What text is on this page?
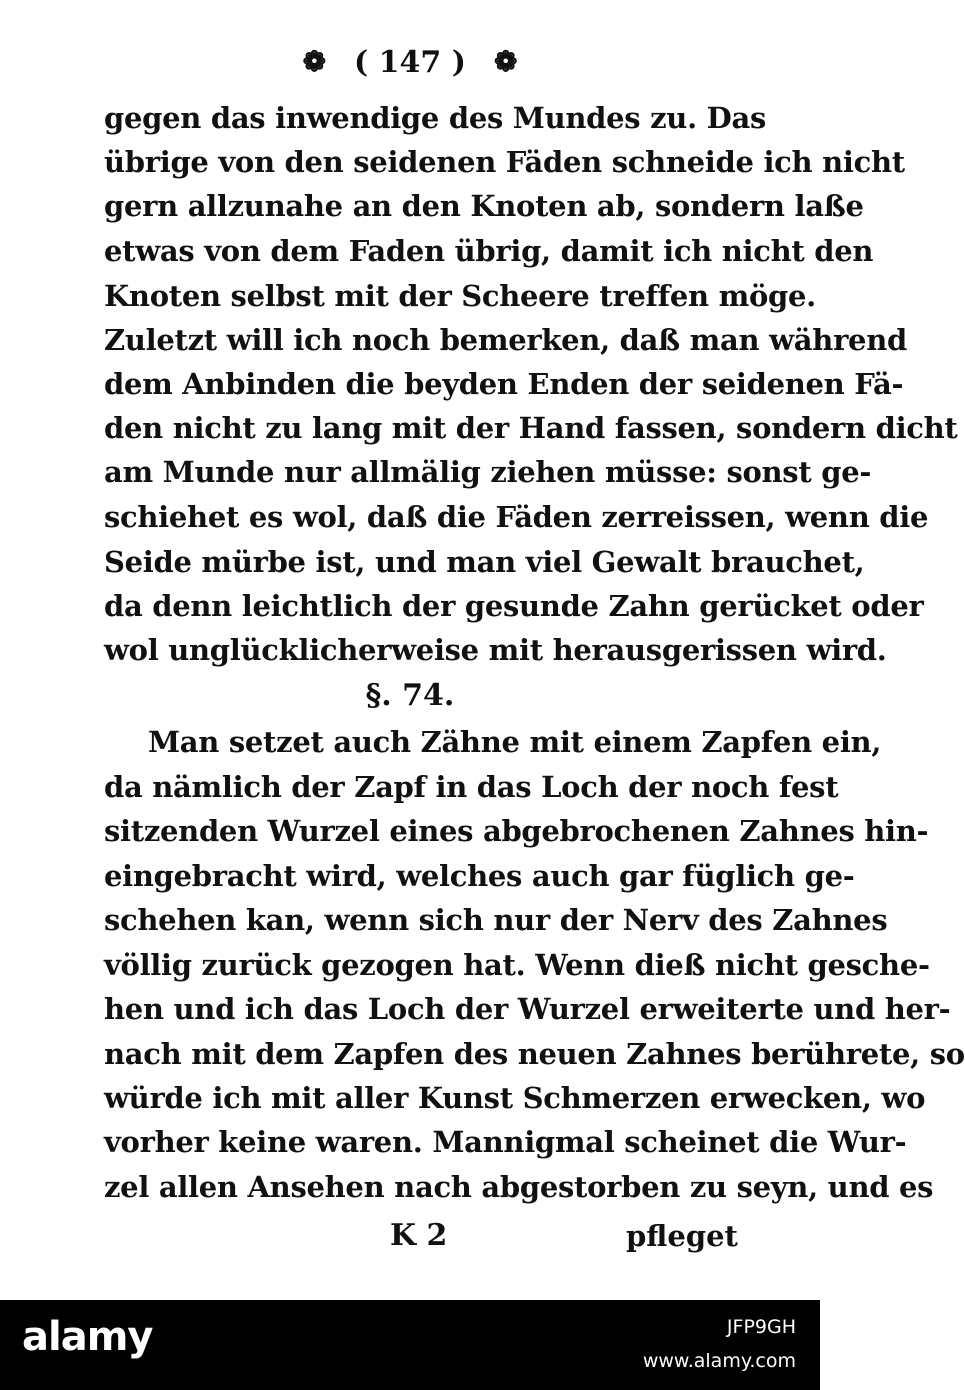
❁ ( 147 ) ❁
gegen das inwendige des Mundes zu. Das
übrige von den seidenen Fäden schneide ich nicht
gern allzunahe an den Knoten ab, sondern laße
etwas von dem Faden übrig, damit ich nicht den
Knoten selbst mit der Scheere treffen möge.
Zuletzt will ich noch bemerken, daß man während
dem Anbinden die beyden Enden der seidenen Fä-
den nicht zu lang mit der Hand fassen, sondern dicht
am Munde nur allmälig ziehen müsse: sonst ge-
schiehet es wol, daß die Fäden zerreissen, wenn die
Seide mürbe ist, und man viel Gewalt brauchet,
da denn leichtlich der gesunde Zahn gerücket oder
wol unglücklicherweise mit herausgerissen wird.
§. 74.
Man setzet auch Zähne mit einem Zapfen ein,
da nämlich der Zapf in das Loch der noch fest
sitzenden Wurzel eines abgebrochenen Zahnes hin-
eingebracht wird, welches auch gar füglich ge-
schehen kan, wenn sich nur der Nerv des Zahnes
völlig zurück gezogen hat. Wenn dieß nicht gesche-
hen und ich das Loch der Wurzel erweiterte und her-
nach mit dem Zapfen des neuen Zahnes berührete, so
würde ich mit aller Kunst Schmerzen erwecken, wo
vorher keine waren. Mannigmal scheinet die Wur-
zel allen Ansehen nach abgestorben zu seyn, und es
K 2	pfleget
alamy	JFP9GH
www.alamy.com
